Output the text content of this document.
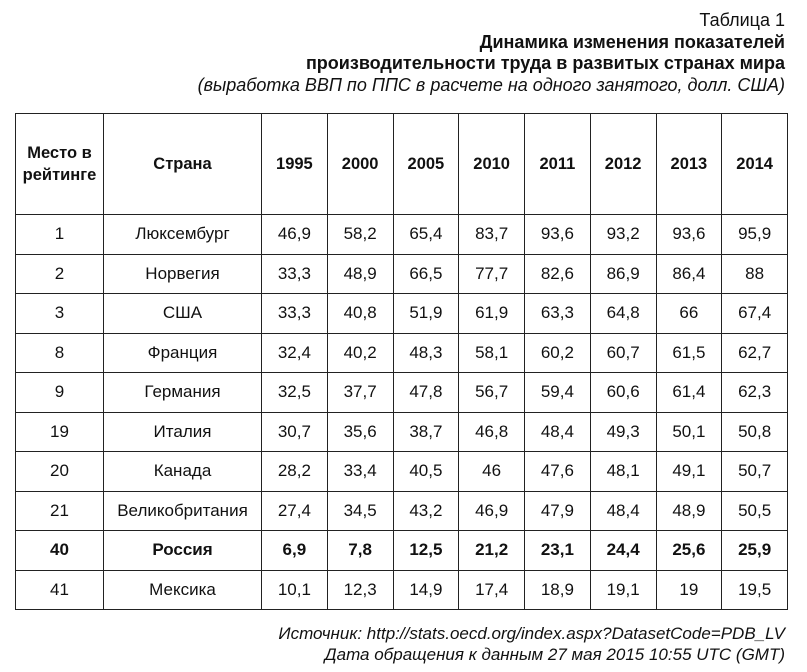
Таблица 1
Динамика изменения показателей
производительности труда в развитых странах мира
(выработка ВВП по ППС в расчете на одного занятого, долл. США)
Место в рейтинге	Страна	1995	2000	2005	2010	2011	2012	2013	2014
1	Люксембург	46,9	58,2	65,4	83,7	93,6	93,2	93,6	95,9
2	Норвегия	33,3	48,9	66,5	77,7	82,6	86,9	86,4	88
3	США	33,3	40,8	51,9	61,9	63,3	64,8	66	67,4
8	Франция	32,4	40,2	48,3	58,1	60,2	60,7	61,5	62,7
9	Германия	32,5	37,7	47,8	56,7	59,4	60,6	61,4	62,3
19	Италия	30,7	35,6	38,7	46,8	48,4	49,3	50,1	50,8
20	Канада	28,2	33,4	40,5	46	47,6	48,1	49,1	50,7
21	Великобритания	27,4	34,5	43,2	46,9	47,9	48,4	48,9	50,5
40	Россия	6,9	7,8	12,5	21,2	23,1	24,4	25,6	25,9
41	Мексика	10,1	12,3	14,9	17,4	18,9	19,1	19	19,5
Источник: http://stats.oecd.org/index.aspx?DatasetCode=PDB_LV
Дата обращения к данным 27 мая 2015 10:55 UTC (GMT)
